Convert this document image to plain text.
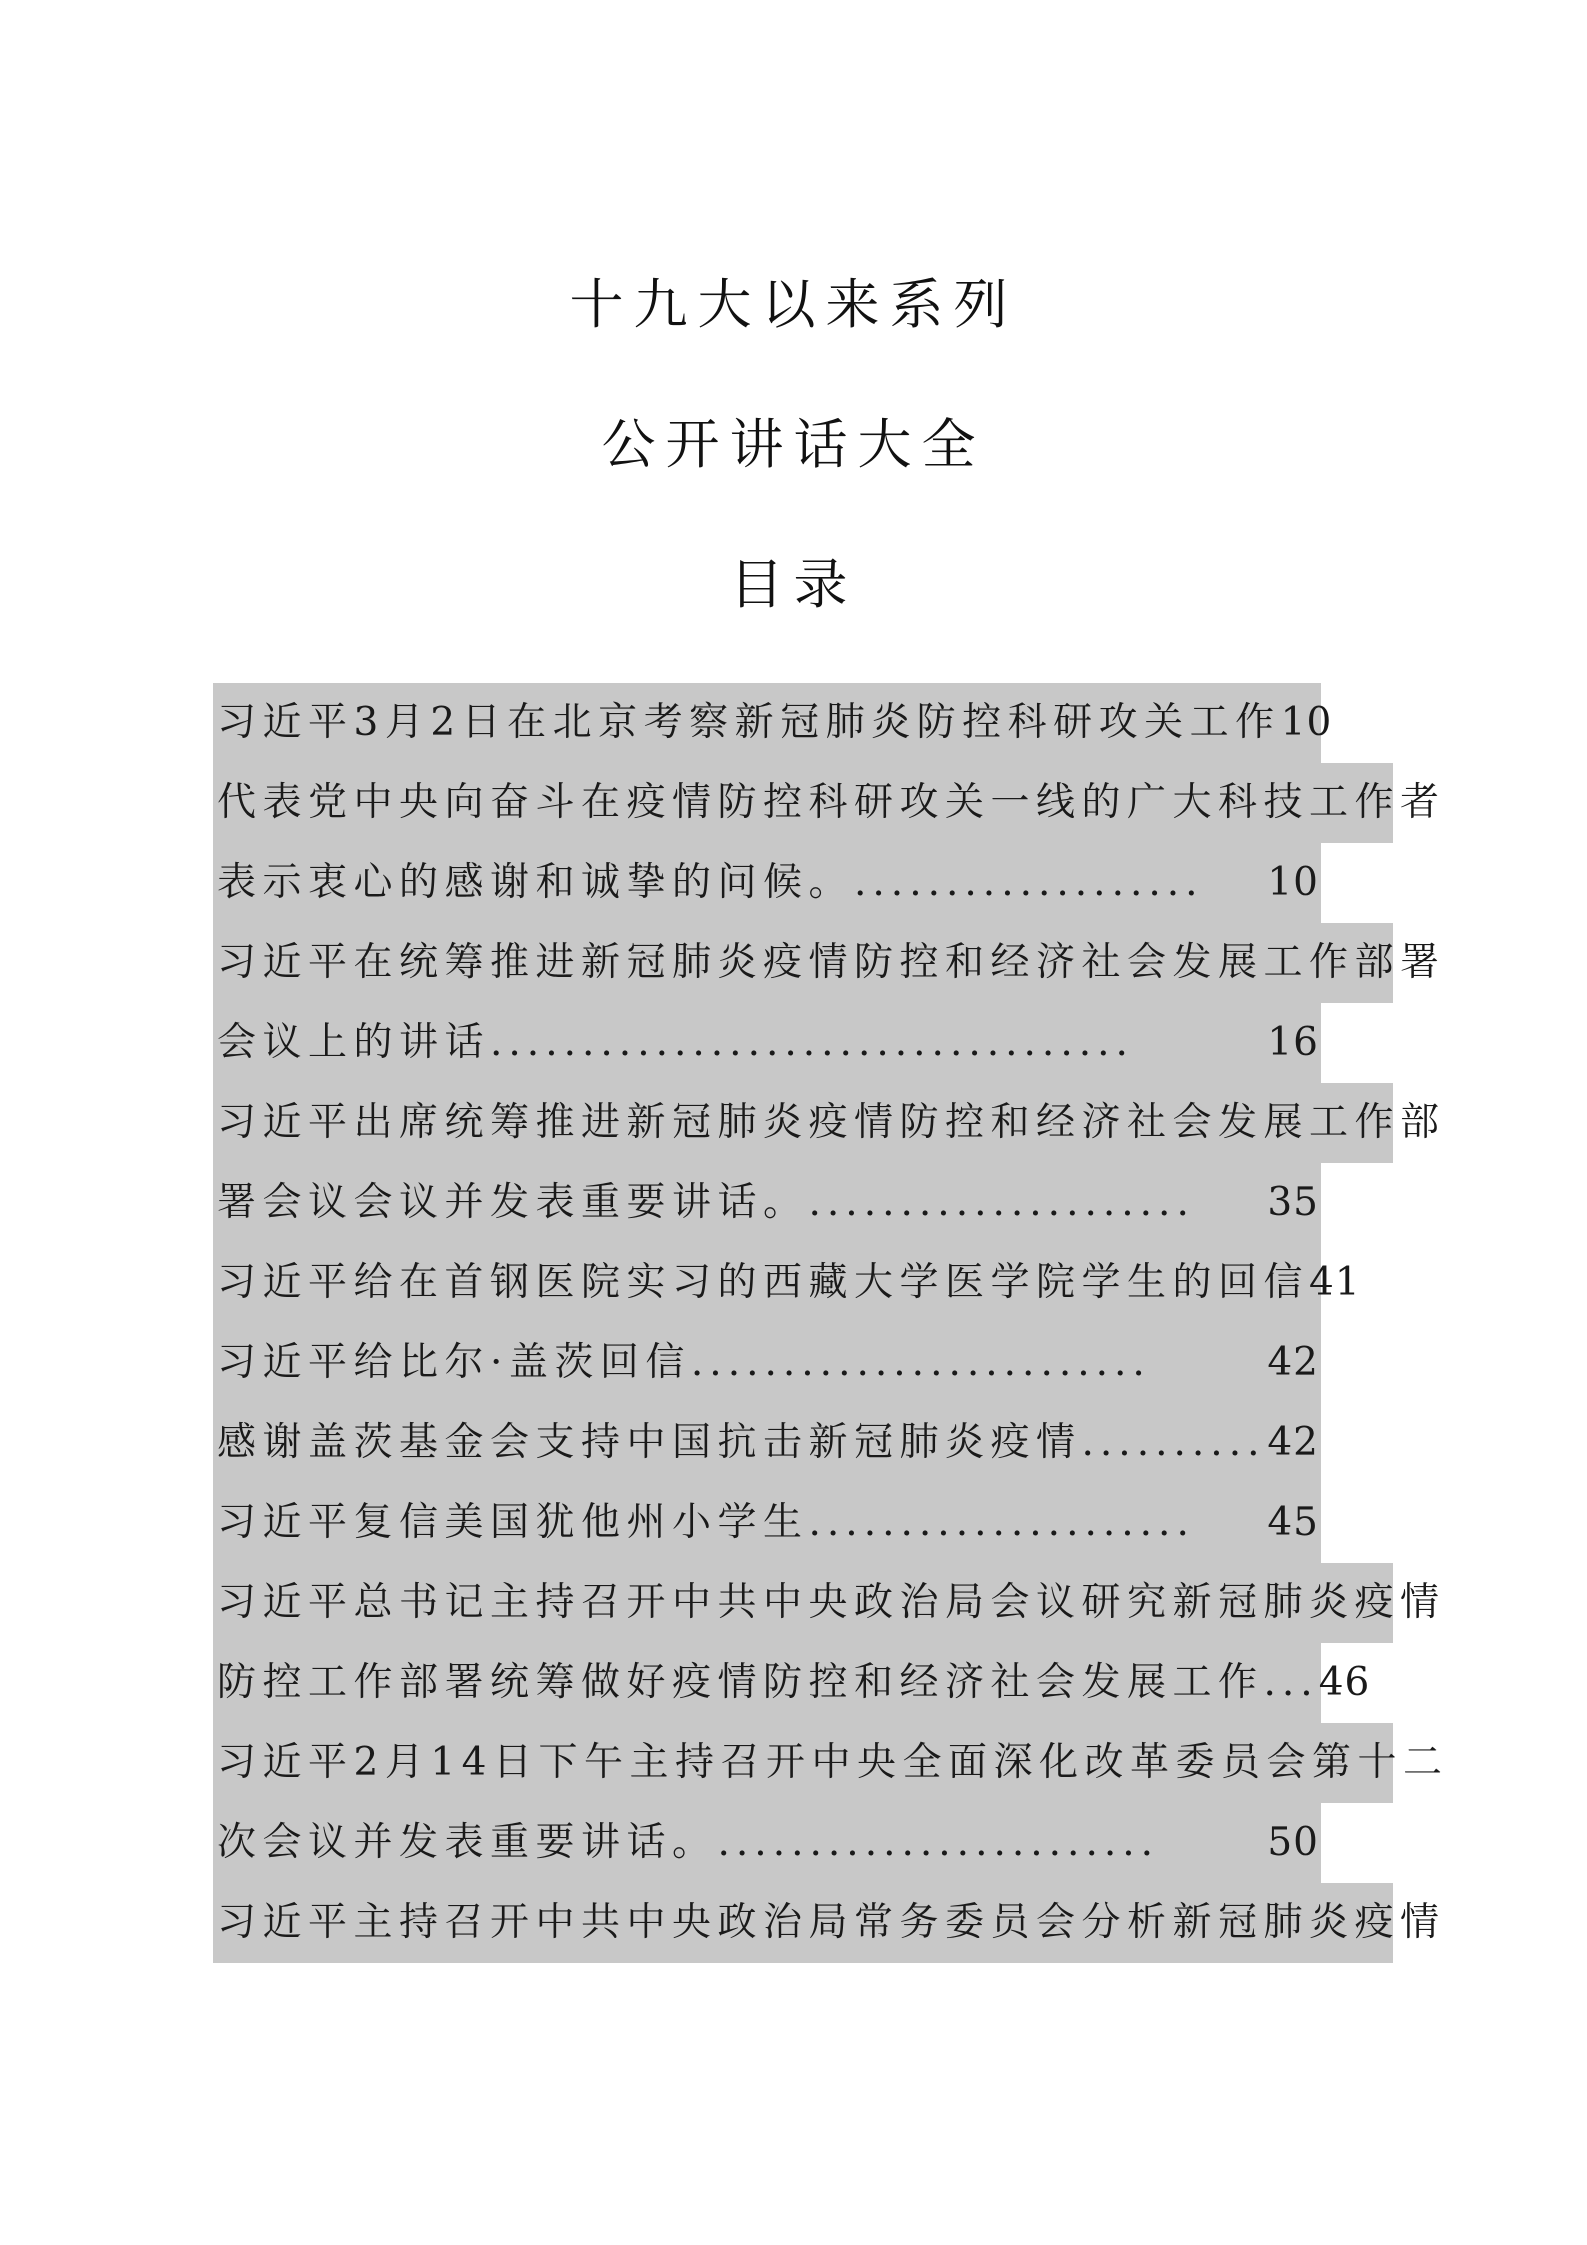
十九大以来系列
公开讲话大全
目录
习近平3月2日在北京考察新冠肺炎防控科研攻关工作 10
代表党中央向奋斗在疫情防控科研攻关一线的广大科技工作者
表示衷心的感谢和诚挚的问候。 ................... 10
习近平在统筹推进新冠肺炎疫情防控和经济社会发展工作部署
会议上的讲话 ...................................	16
习近平出席统筹推进新冠肺炎疫情防控和经济社会发展工作部
署会议会议并发表重要讲话。 ..................... 35
习近平给在首钢医院实习的西藏大学医学院学生的回信 41
习近平给比尔·盖茨回信 .........................	42
感谢盖茨基金会支持中国抗击新冠肺炎疫情 .......... 42
习近平复信美国犹他州小学生 ..................... 45
习近平总书记主持召开中共中央政治局会议研究新冠肺炎疫情
防控工作部署统筹做好疫情防控和经济社会发展工作 ... 46
习近平2月14日下午主持召开中央全面深化改革委员会第十二
次会议并发表重要讲话。 ........................	50
习近平主持召开中共中央政治局常务委员会分析新冠肺炎疫情
